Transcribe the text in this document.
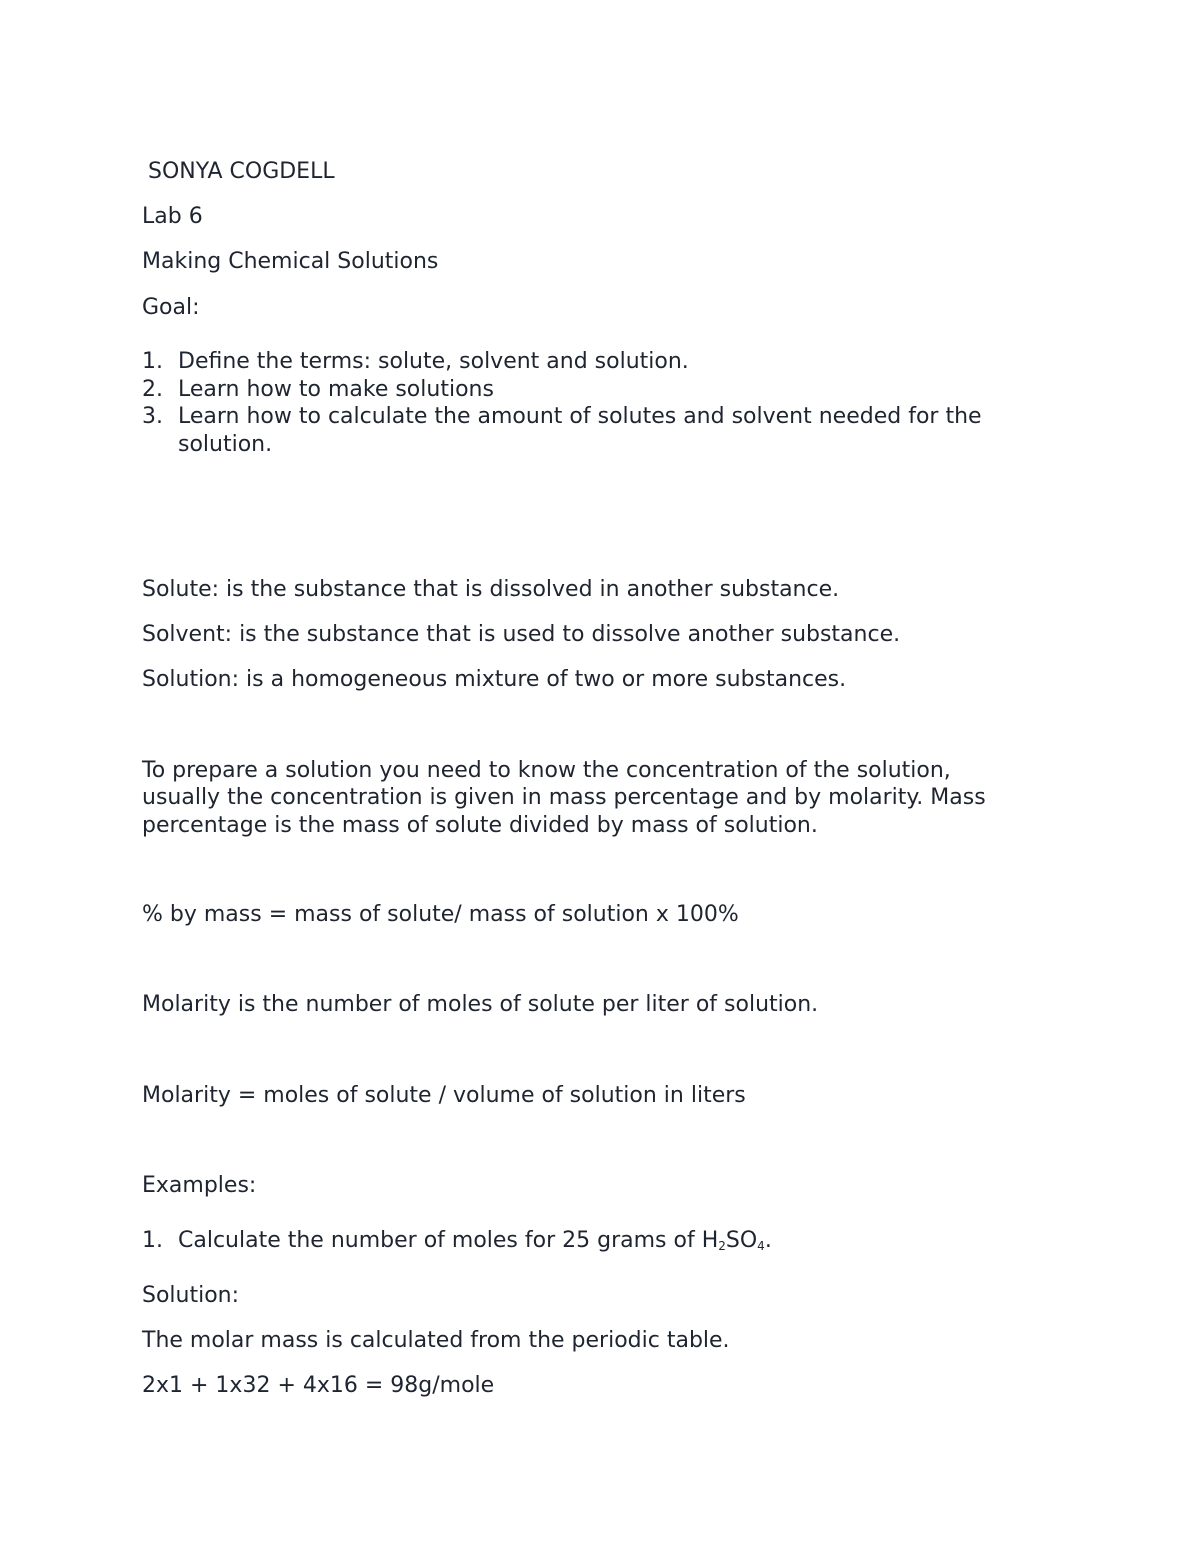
SONYA COGDELL
Lab 6
Making Chemical Solutions
Goal:
1. Define the terms: solute, solvent and solution.
2. Learn how to make solutions
3. Learn how to calculate the amount of solutes and solvent needed for the
solution.
Solute: is the substance that is dissolved in another substance.
Solvent: is the substance that is used to dissolve another substance.
Solution: is a homogeneous mixture of two or more substances.
To prepare a solution you need to know the concentration of the solution,
usually the concentration is given in mass percentage and by molarity. Mass
percentage is the mass of solute divided by mass of solution.
% by mass = mass of solute/ mass of solution x 100%
Molarity is the number of moles of solute per liter of solution.
Molarity = moles of solute / volume of solution in liters
Examples:
1. Calculate the number of moles for 25 grams of $H_2SO_4$.
Solution:
The molar mass is calculated from the periodic table.
2x1 + 1x32 + 4x16 = 98g/mole
